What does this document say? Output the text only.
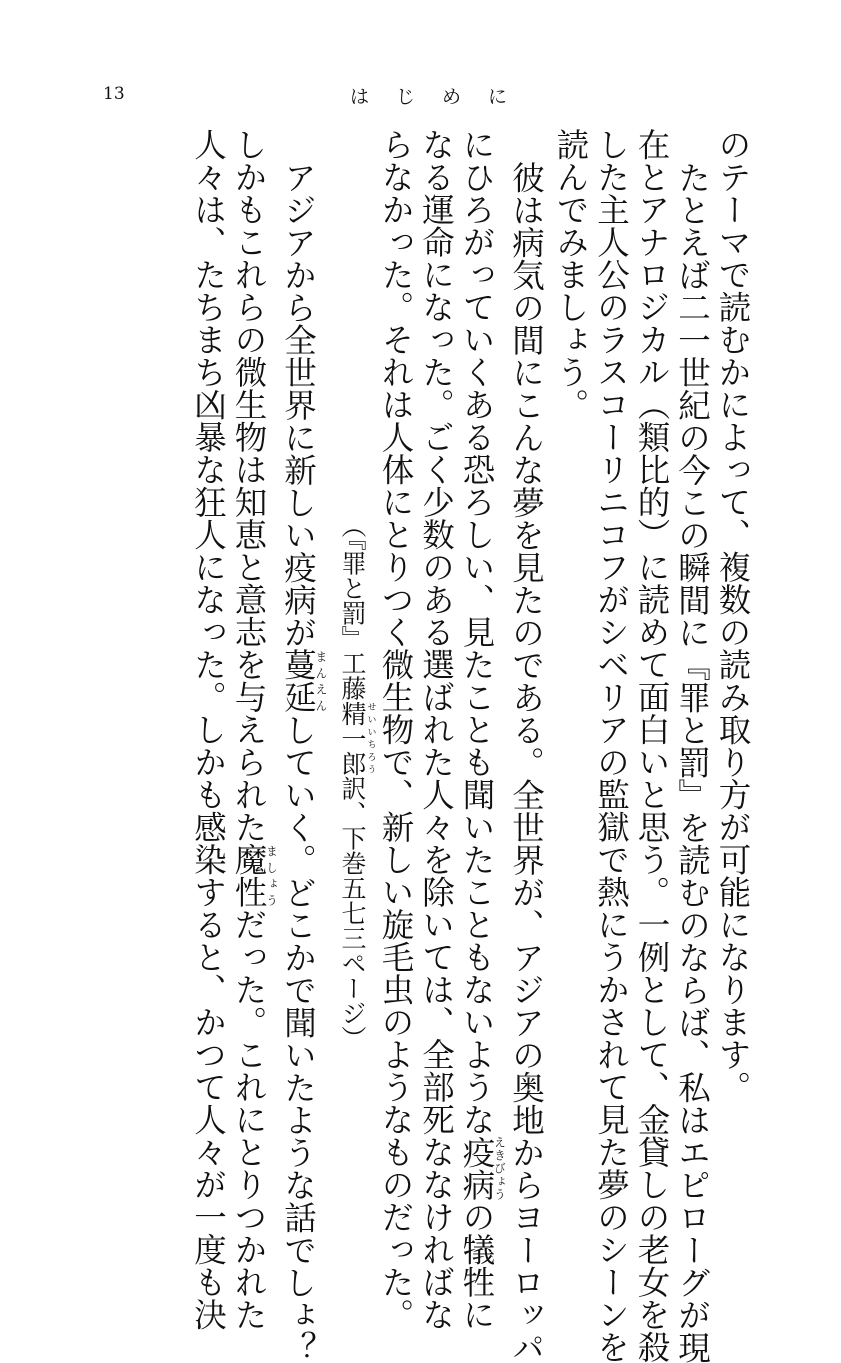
13	はじめに
のテーマで読むかによって、複数の読み取り方が可能になります。
たとえば二一世紀の今この瞬間に『罪と罰』を読むのならば、私はエピローグが現
在とアナロジカル（類比的）に読めて面白いと思う。一例として、金貸しの老女を殺
した主人公のラスコーリニコフがシベリアの監獄で熱にうかされて見た夢のシーンを
読んでみましょう。
彼は病気の間にこんな夢を見たのである。全世界が、アジアの奥地からヨーロッパ
にひろがっていくある恐ろしい、見たことも聞いたこともないような疫病えきびょうの犠牲に
なる運命になった。ごく少数のある選ばれた人々を除いては、全部死ななければな
らなかった。それは人体にとりつく微生物で、新しい旋毛虫のようなものだった。
（『罪と罰』工藤精一郎せいいちろう訳、下巻五七三ページ）
アジアから全世界に新しい疫病が蔓延まんえんしていく。どこかで聞いたような話でしょ？
しかもこれらの微生物は知恵と意志を与えられた魔性ましょうだった。これにとりつかれた
人々は、たちまち凶暴な狂人になった。しかも感染すると、かつて人々が一度も決
